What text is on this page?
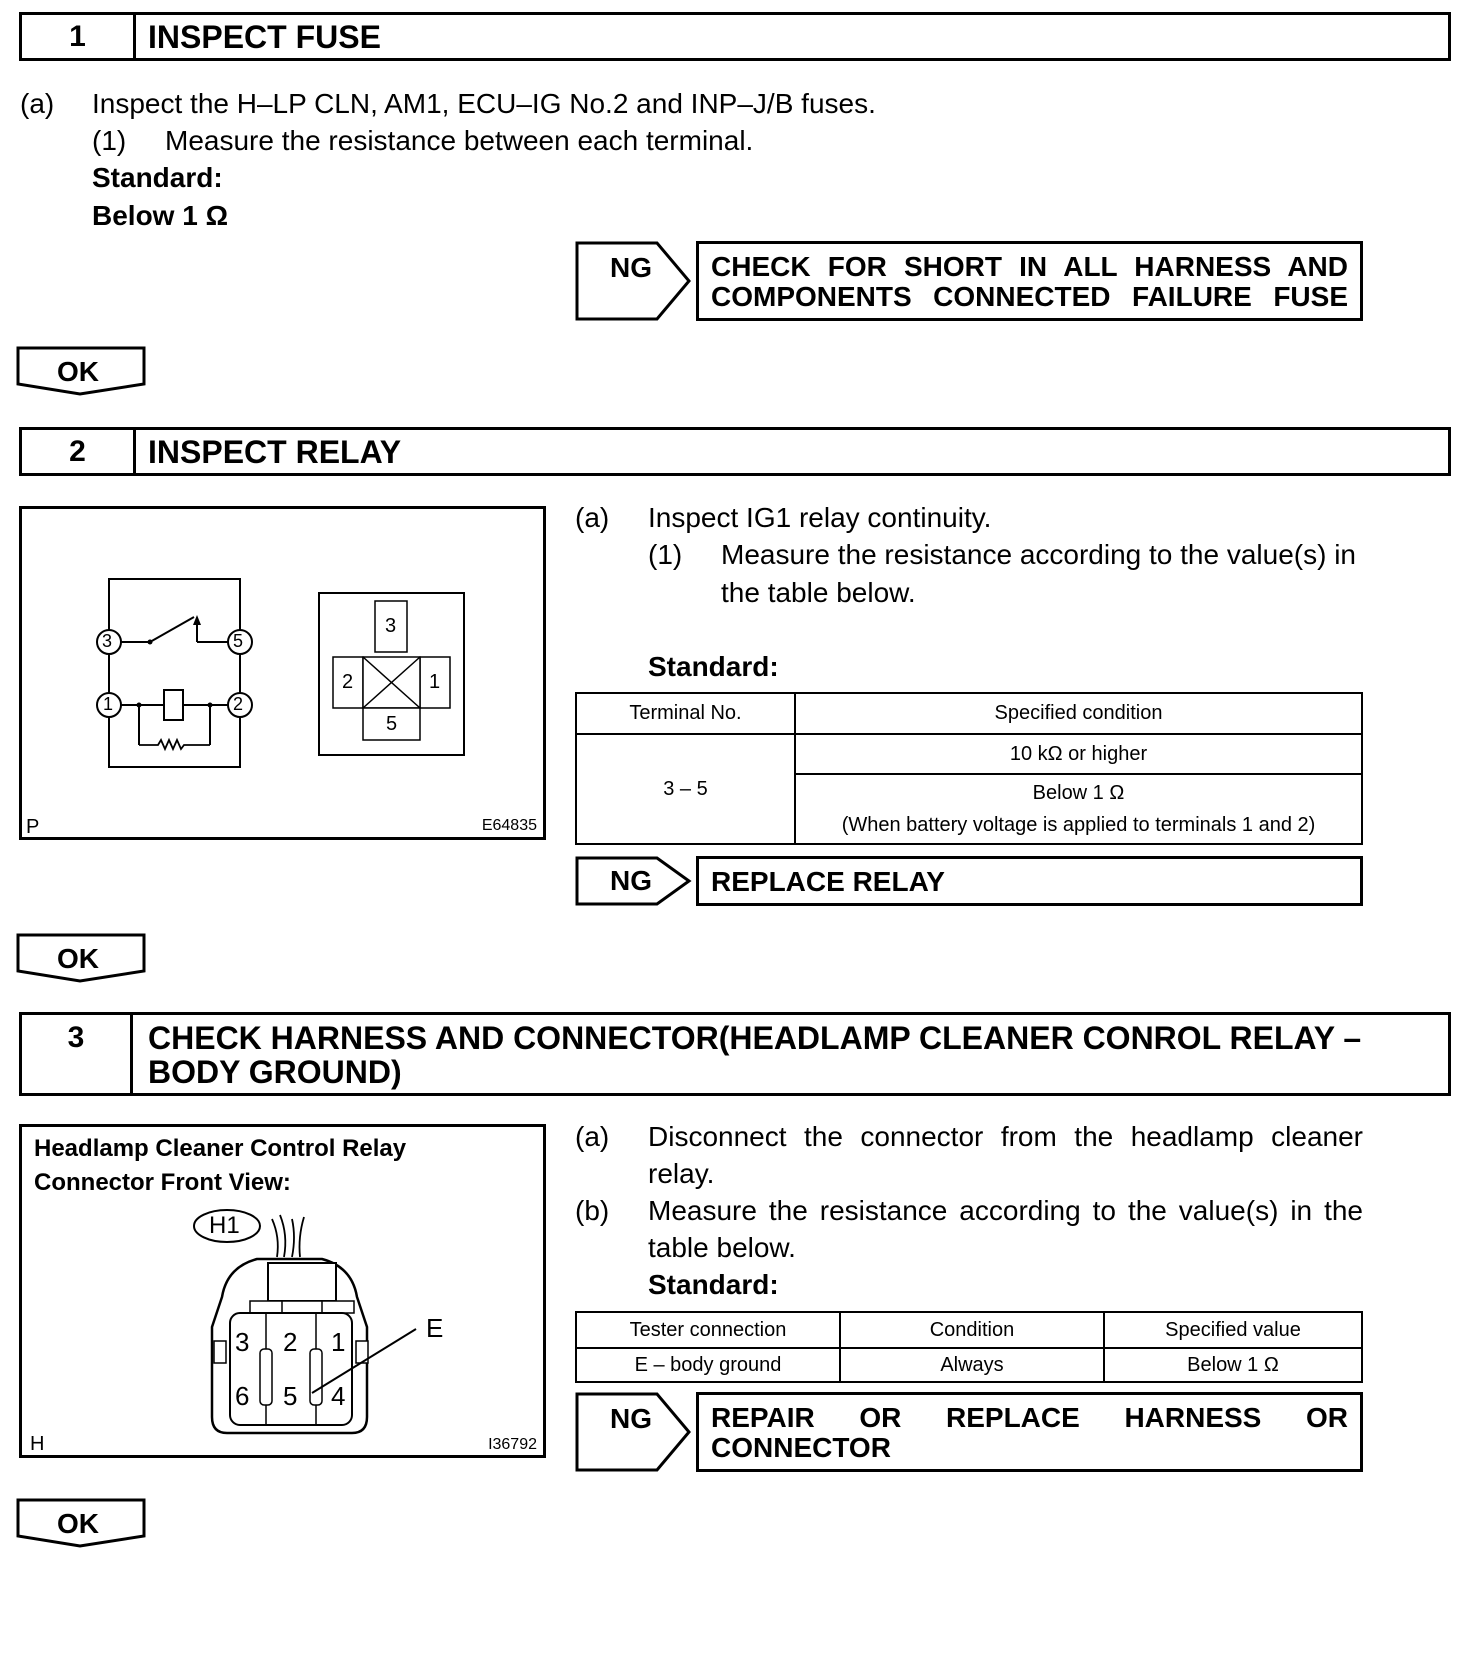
1	INSPECT FUSE
(a) Inspect the H–LP CLN, AM1, ECU–IG No.2 and INP–J/B fuses.
(1) Measure the resistance between each terminal.
Standard:
Below 1 Ω
NG CHECK FOR SHORT IN ALL HARNESS AND
COMPONENTS CONNECTED FAILURE FUSE
OK
2	INSPECT RELAY
3	5
1	2
3
2	1
5
P	E64835
(a) Inspect IG1 relay continuity.
(1) Measure the resistance according to the value(s) in
the table below.
Standard:
Terminal No.	Specified condition
3 – 5	10 kΩ or higher

	Below 1 Ω
(When battery voltage is applied to terminals 1 and 2)
NG REPLACE RELAY
OK
3 CHECK HARNESS AND CONNECTOR(HEADLAMP CLEANER CONROL RELAY –
BODY GROUND)
Headlamp Cleaner Control Relay
Connector Front View:
H1
3 2 1
6 5 4
E
H	I36792
(a) Disconnect the connector from the headlamp cleaner
relay.
(b) Measure the resistance according to the value(s) in the
table below.
Standard:
Tester connection	Condition	Specified value
E – body ground	Always	Below 1 Ω
NG REPAIR OR REPLACE HARNESS OR
CONNECTOR
OK
